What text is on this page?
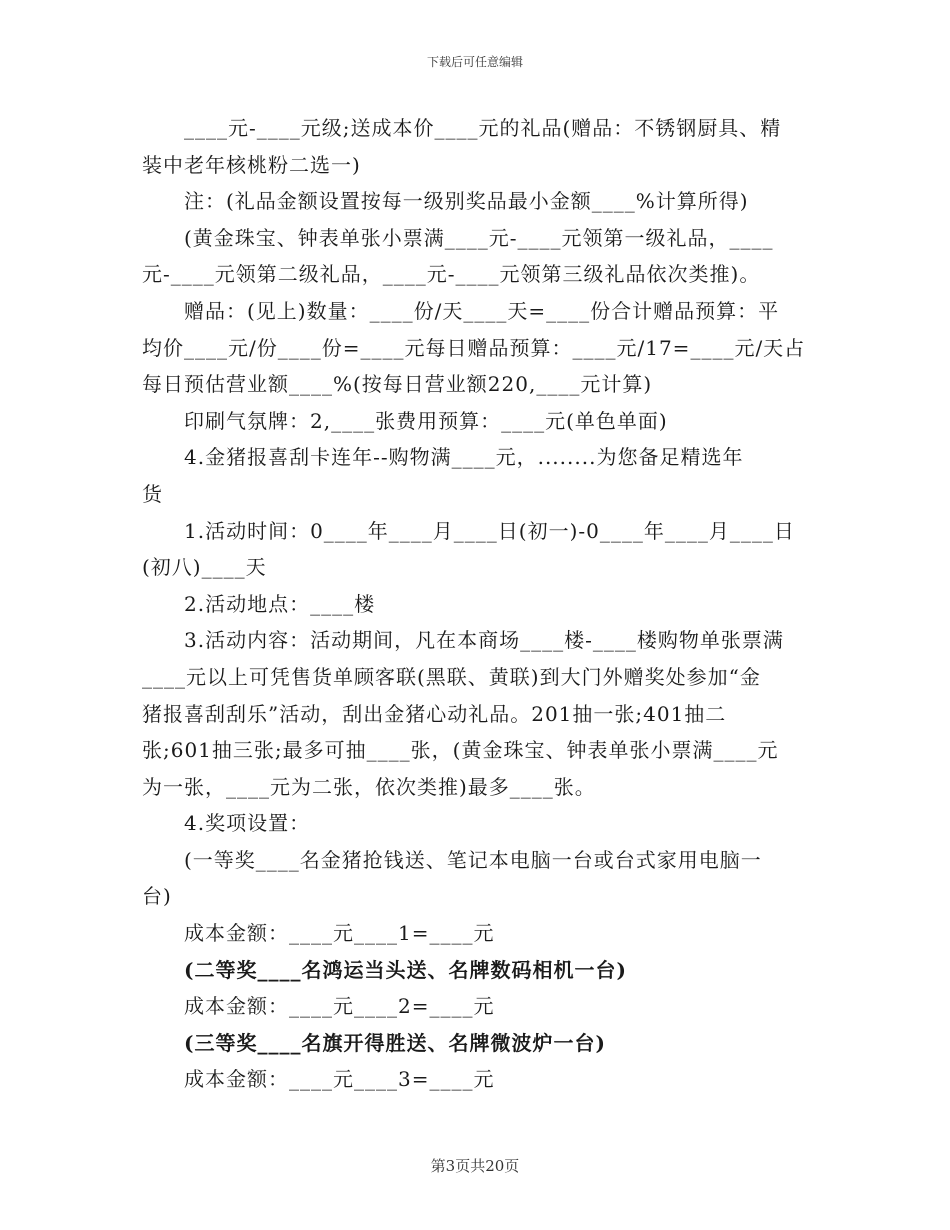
下载后可任意编辑
　　____元-____元级;送成本价____元的礼品(赠品：不锈钢厨具、精
装中老年核桃粉二选一)
　　注：(礼品金额设置按每一级别奖品最小金额____%计算所得)
　　(黄金珠宝、钟表单张小票满____元-____元领第一级礼品，____
元-____元领第二级礼品，____元-____元领第三级礼品依次类推)。
　　赠品：(见上)数量：____份/天____天=____份合计赠品预算：平
均价____元/份____份=____元每日赠品预算：____元/17=____元/天占
每日预估营业额____%(按每日营业额220,____元计算)
　　印刷气氛牌：2,____张费用预算：____元(单色单面)
　　4.金猪报喜刮卡连年--购物满____元，........为您备足精选年
货
　　1.活动时间：0____年____月____日(初一)-0____年____月____日
(初八)____天
　　2.活动地点：____楼
　　3.活动内容：活动期间，凡在本商场____楼-____楼购物单张票满
____元以上可凭售货单顾客联(黑联、黄联)到大门外赠奖处参加“金
猪报喜刮刮乐”活动，刮出金猪心动礼品。201抽一张;401抽二
张;601抽三张;最多可抽____张，(黄金珠宝、钟表单张小票满____元
为一张，____元为二张，依次类推)最多____张。
　　4.奖项设置：
　　(一等奖____名金猪抢钱送、笔记本电脑一台或台式家用电脑一
台)
　　成本金额：____元____1=____元
　　(二等奖____名鸿运当头送、名牌数码相机一台)
　　成本金额：____元____2=____元
　　(三等奖____名旗开得胜送、名牌微波炉一台)
　　成本金额：____元____3=____元
第3页共20页
